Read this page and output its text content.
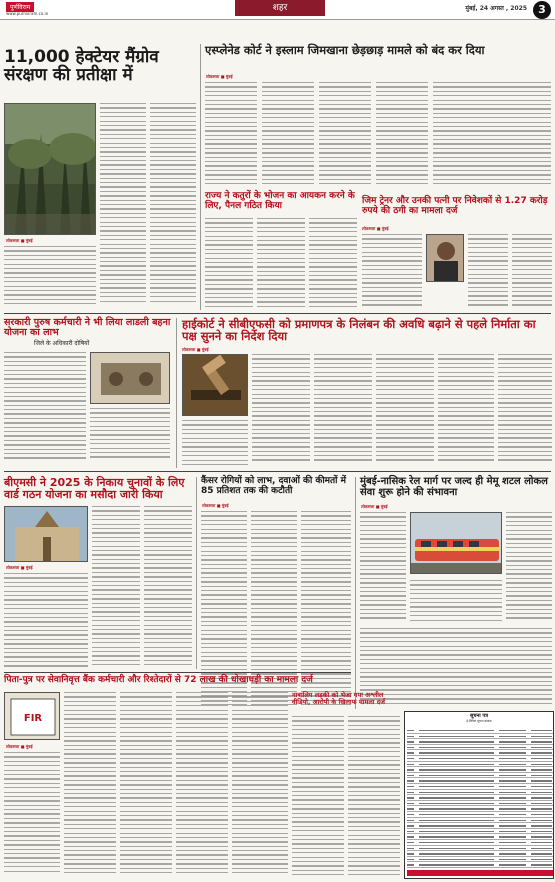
पूर्णविराम
www.purnviram.co.in
शहर	मुंबई, 24 अगस्त , 2025	3
11,000 हेक्टेयर मैंग्रोव संरक्षण की प्रतीक्षा में
लोकसत्ता ■ मुंबई
एस्प्लेनेड कोर्ट ने इस्लाम जिमखाना छेड़छाड़ मामले को बंद कर दिया
लोकसत्ता ■ मुंबई
राज्य ने कतुरों के भोजन का आयकन करने के लिए, पैनल गठित किया	जिम ट्रेनर और उनकी पत्नी पर निवेशकों से 1.27 करोड़ रुपये की ठगी का मामला दर्ज
लोकसत्ता ■ मुंबई
सरकारी पुरुष कर्मचारी ने भी लिया लाडली बहना योजना का लाभ
जिले के अधिकारी दोषियों
हाईकोर्ट ने सीबीएफसी को प्रमाणपत्र के निलंबन की अवधि बढ़ाने से पहले निर्माता का पक्ष सुनने का निर्देश दिया
लोकसत्ता ■ मुंबई
बीएमसी ने 2025 के निकाय चुनावों के लिए वार्ड गठन योजना का मसौदा जारी किया
लोकसत्ता ■ मुंबई
कैंसर रोगियों को लाभ, दवाओं की कीमतों में 85 प्रतिशत तक की कटौती
लोकसत्ता ■ मुंबई
मुंबई-नासिक रेल मार्ग पर जल्द ही मेमू शटल लोकल सेवा शुरू होने की संभावना
लोकसत्ता ■ मुंबई
पिता-पुत्र पर सेवानिवृत्त बैंक कर्मचारी और रिश्तेदारों से 72 लाख की धोखाधड़ी का मामला दर्ज
FIR
लोकसत्ता ■ मुंबई
नाबालिग लड़की को भेजा गया अश्लील वीडियो, आरोपी के खिलाफ मामला दर्ज
सूचना पत्र
ई-निविदा सूचना क्रमांक
